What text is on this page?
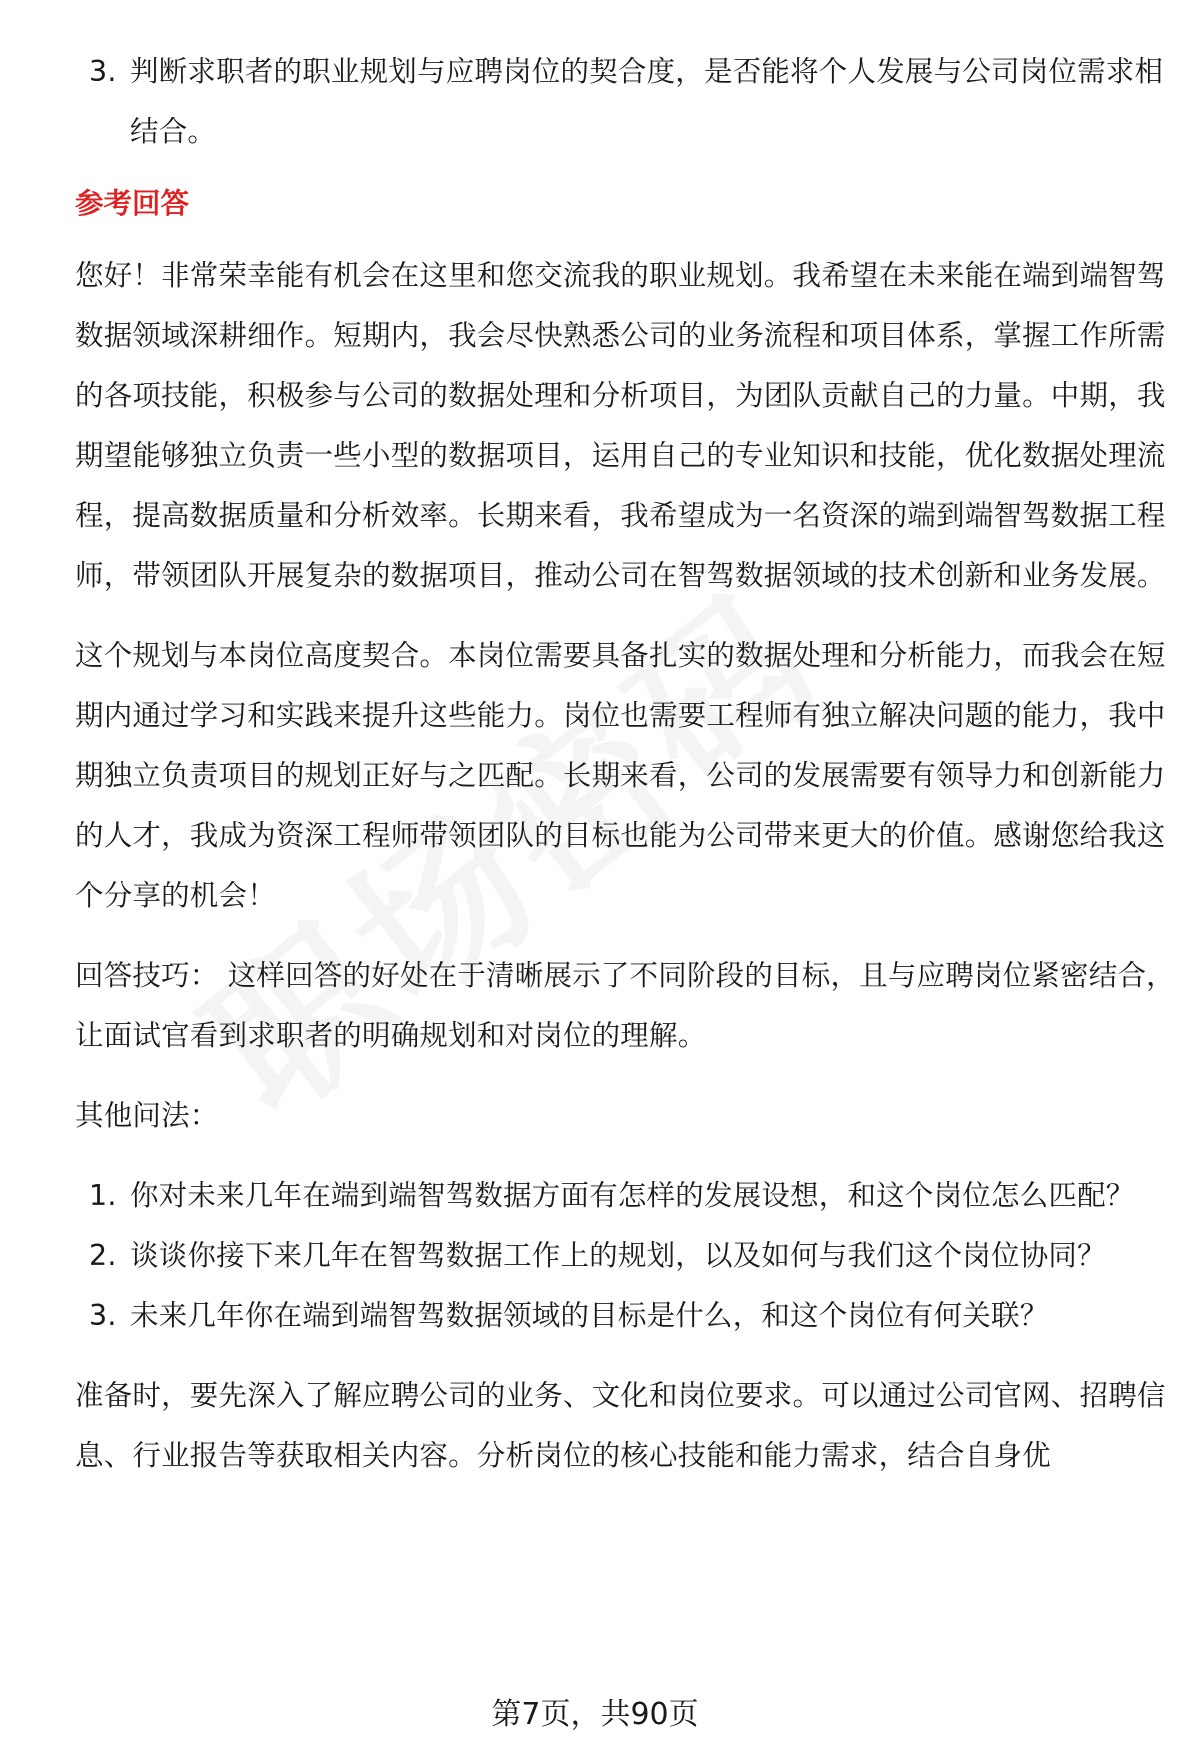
3. 判断求职者的职业规划与应聘岗位的契合度，是否能将个人发展与公司岗位需求相结合。

参考回答

您好！非常荣幸能有机会在这里和您交流我的职业规划。我希望在未来能在端到端智驾数据领域深耕细作。短期内，我会尽快熟悉公司的业务流程和项目体系，掌握工作所需的各项技能，积极参与公司的数据处理和分析项目，为团队贡献自己的力量。中期，我期望能够独立负责一些小型的数据项目，运用自己的专业知识和技能，优化数据处理流程，提高数据质量和分析效率。长期来看，我希望成为一名资深的端到端智驾数据工程师，带领团队开展复杂的数据项目，推动公司在智驾数据领域的技术创新和业务发展。

这个规划与本岗位高度契合。本岗位需要具备扎实的数据处理和分析能力，而我会在短期内通过学习和实践来提升这些能力。岗位也需要工程师有独立解决问题的能力，我中期独立负责项目的规划正好与之匹配。长期来看，公司的发展需要有领导力和创新能力的人才，我成为资深工程师带领团队的目标也能为公司带来更大的价值。感谢您给我这个分享的机会！

回答技巧： 这样回答的好处在于清晰展示了不同阶段的目标，且与应聘岗位紧密结合，让面试官看到求职者的明确规划和对岗位的理解。

其他问法：

1. 你对未来几年在端到端智驾数据方面有怎样的发展设想，和这个岗位怎么匹配？
2. 谈谈你接下来几年在智驾数据工作上的规划，以及如何与我们这个岗位协同？
3. 未来几年你在端到端智驾数据领域的目标是什么，和这个岗位有何关联？

准备时，要先深入了解应聘公司的业务、文化和岗位要求。可以通过公司官网、招聘信息、行业报告等获取相关内容。分析岗位的核心技能和能力需求，结合自身优

第7页，共90页
